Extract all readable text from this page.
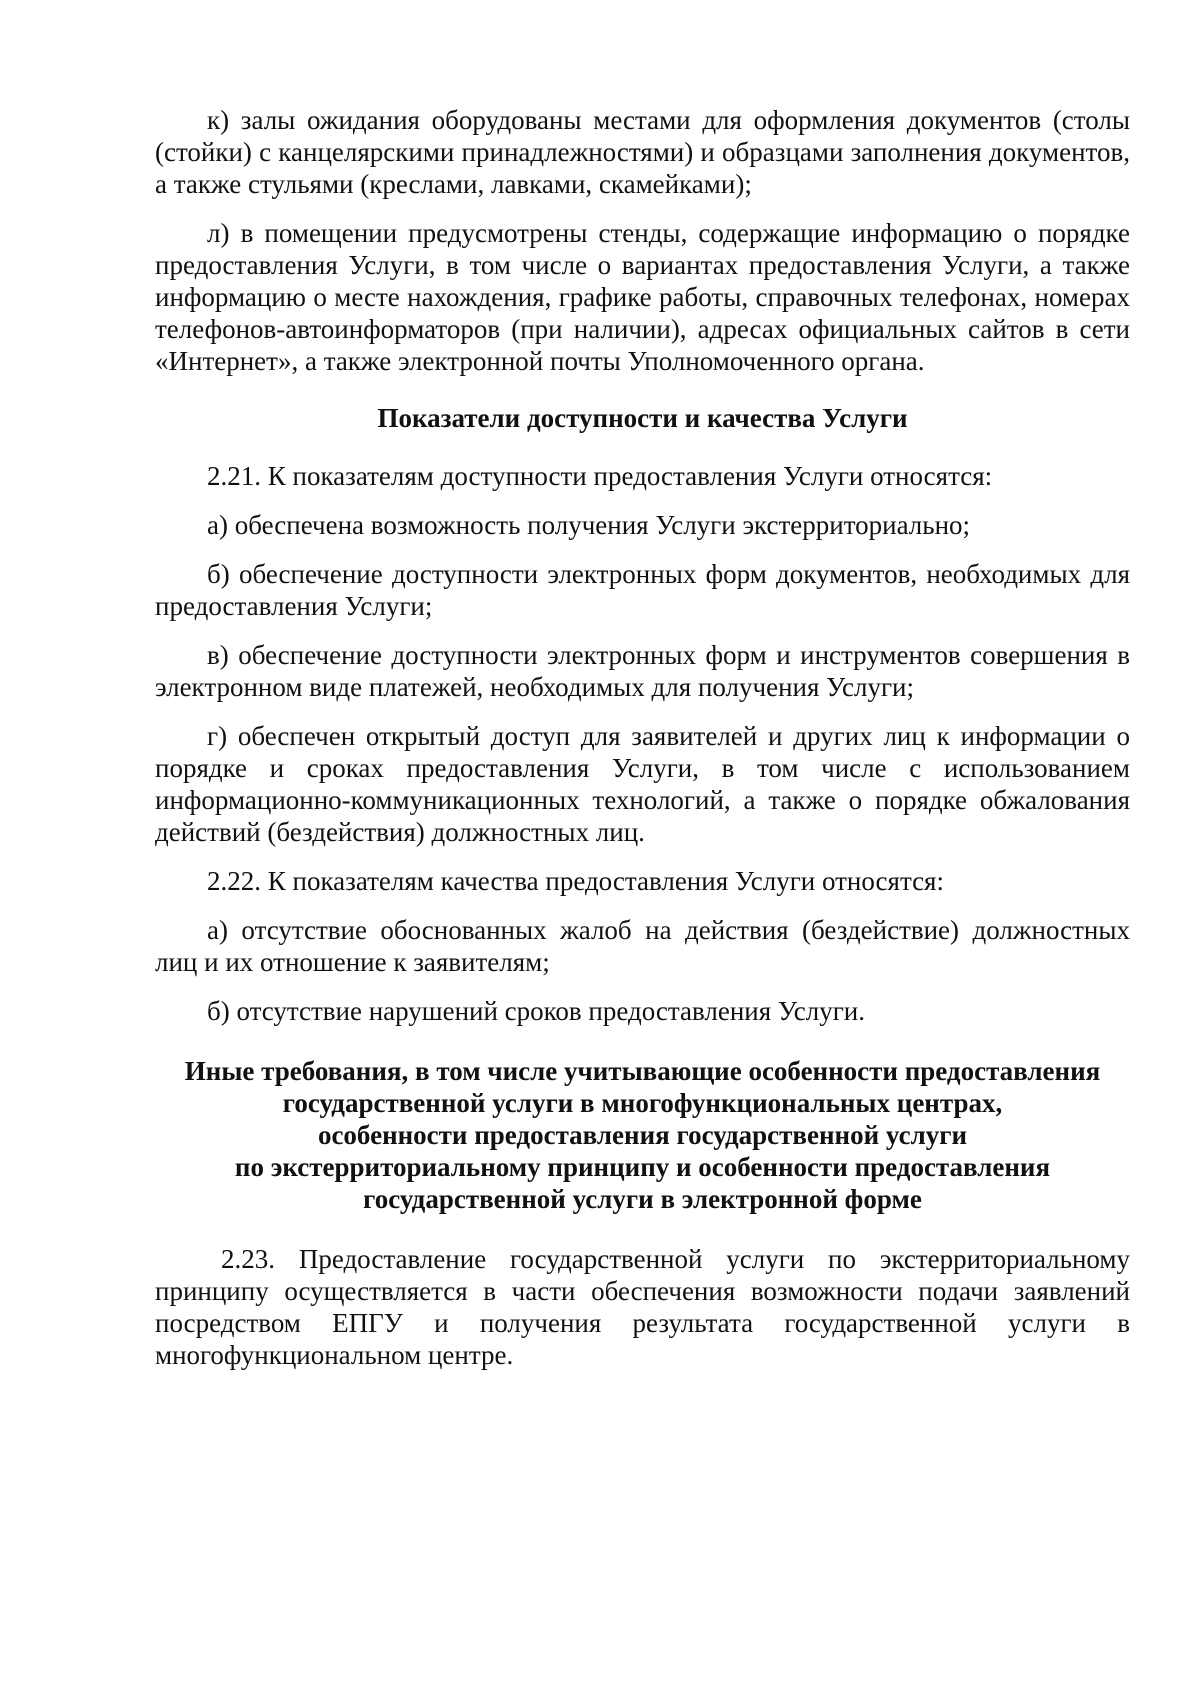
к) залы ожидания оборудованы местами для оформления документов (столы (стойки) с канцелярскими принадлежностями) и образцами заполнения документов, а также стульями (креслами, лавками, скамейками);

л) в помещении предусмотрены стенды, содержащие информацию о порядке предоставления Услуги, в том числе о вариантах предоставления Услуги, а также информацию о месте нахождения, графике работы, справочных телефонах, номерах телефонов-автоинформаторов (при наличии), адресах официальных сайтов в сети «Интернет», а также электронной почты Уполномоченного органа.

Показатели доступности и качества Услуги

2.21. К показателям доступности предоставления Услуги относятся:

а) обеспечена возможность получения Услуги экстерриториально;

б) обеспечение доступности электронных форм документов, необходимых для предоставления Услуги;

в) обеспечение доступности электронных форм и инструментов совершения в электронном виде платежей, необходимых для получения Услуги;

г) обеспечен открытый доступ для заявителей и других лиц к информации о порядке и сроках предоставления Услуги, в том числе с использованием информационно-коммуникационных технологий, а также о порядке обжалования действий (бездействия) должностных лиц.

2.22. К показателям качества предоставления Услуги относятся:

а) отсутствие обоснованных жалоб на действия (бездействие) должностных лиц и их отношение к заявителям;

б) отсутствие нарушений сроков предоставления Услуги.

Иные требования, в том числе учитывающие особенности предоставления
государственной услуги в многофункциональных центрах,
особенности предоставления государственной услуги
по экстерриториальному принципу и особенности предоставления
государственной услуги в электронной форме

2.23. Предоставление государственной услуги по экстерриториальному принципу осуществляется в части обеспечения возможности подачи заявлений посредством ЕПГУ и получения результата государственной услуги в многофункциональном центре.
